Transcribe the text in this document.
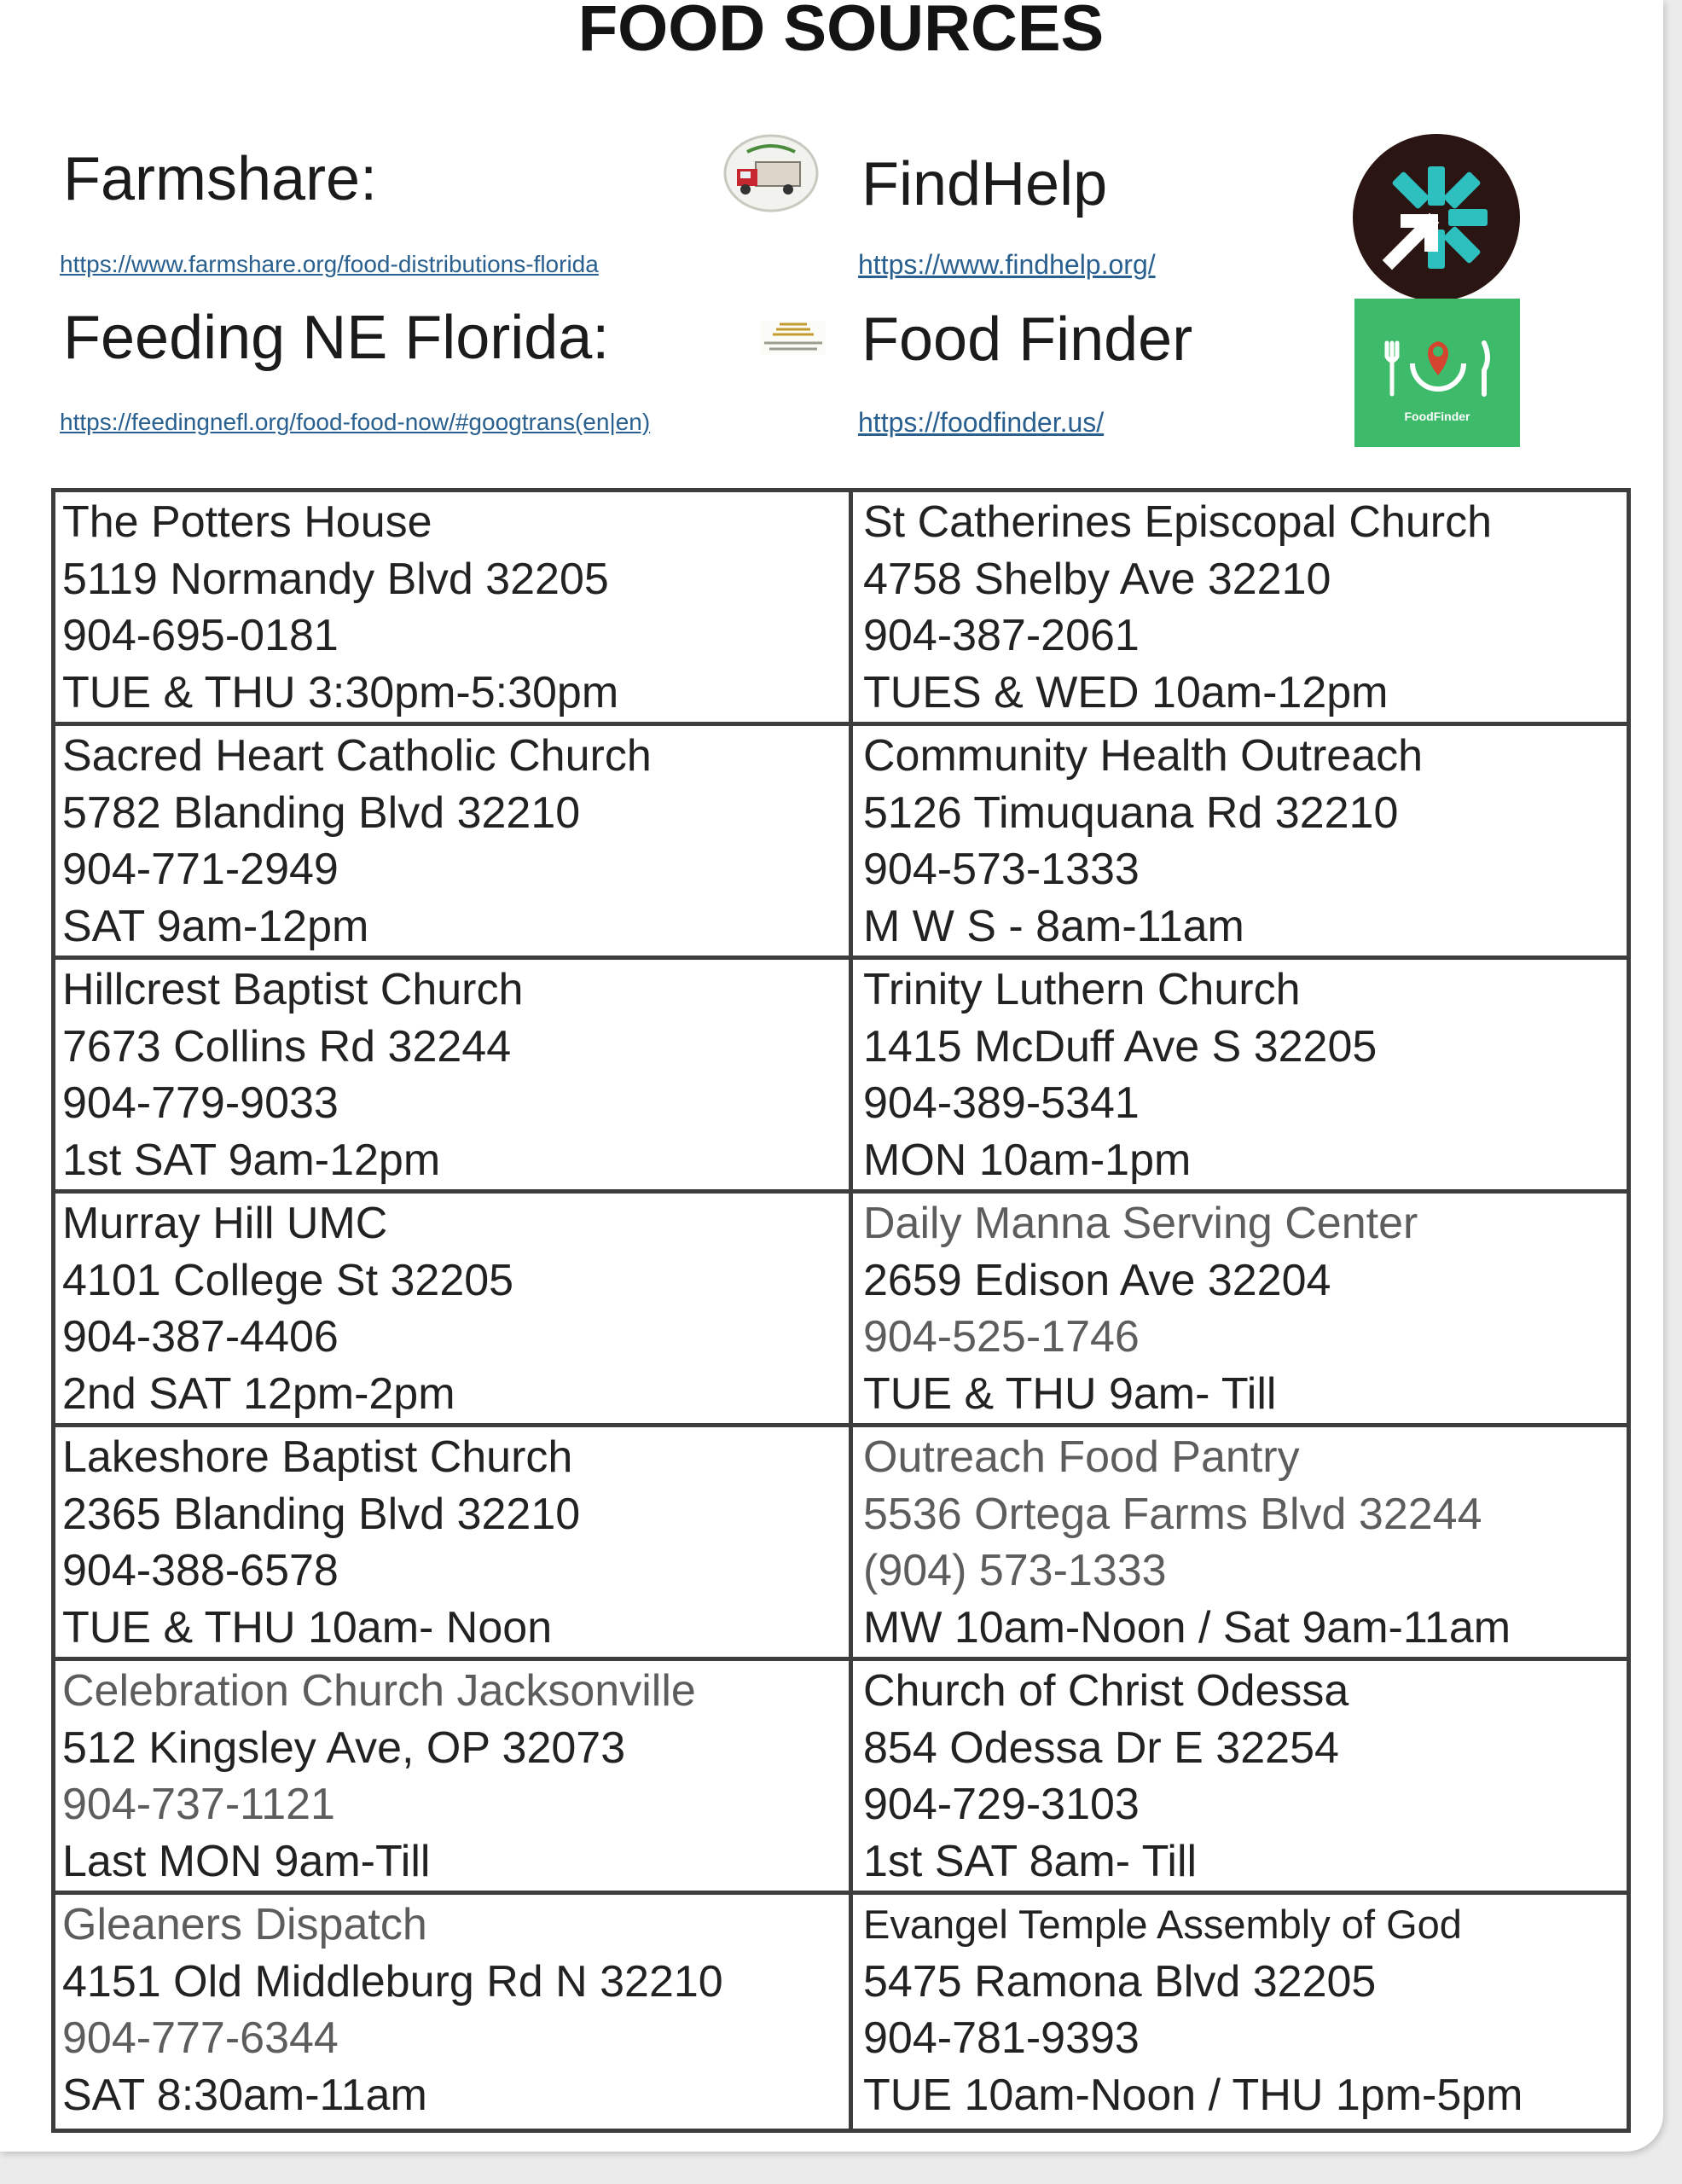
FOOD SOURCES
Farmshare:
https://www.farmshare.org/food-distributions-florida
FindHelp
https://www.findhelp.org/
Feeding NE Florida:
https://feedingnefl.org/food-food-now/#googtrans(en|en)
Food Finder
FoodFinder
https://foodfinder.us/
The Potters House
5119 Normandy Blvd 32205
904-695-0181
TUE & THU 3:30pm-5:30pm
St Catherines Episcopal Church
4758 Shelby Ave 32210
904-387-2061
TUES & WED 10am-12pm
Sacred Heart Catholic Church
5782 Blanding Blvd 32210
904-771-2949
SAT 9am-12pm
Community Health Outreach
5126 Timuquana Rd 32210
904-573-1333
M W S - 8am-11am
Hillcrest Baptist Church
7673 Collins Rd 32244
904-779-9033
1st SAT 9am-12pm
Trinity Luthern Church
1415 McDuff Ave S 32205
904-389-5341
MON 10am-1pm
Murray Hill UMC
4101 College St 32205
904-387-4406
2nd SAT 12pm-2pm
Daily Manna Serving Center
2659 Edison Ave 32204
904-525-1746
TUE & THU 9am- Till
Lakeshore Baptist Church
2365 Blanding Blvd 32210
904-388-6578
TUE & THU 10am- Noon
Outreach Food Pantry
5536 Ortega Farms Blvd 32244
(904) 573-1333
MW 10am-Noon / Sat 9am-11am
Celebration Church Jacksonville
512 Kingsley Ave, OP 32073
904-737-1121
Last MON 9am-Till
Church of Christ Odessa
854 Odessa Dr E 32254
904-729-3103
1st SAT 8am- Till
Gleaners Dispatch
4151 Old Middleburg Rd N 32210
904-777-6344
SAT 8:30am-11am
Evangel Temple Assembly of God
5475 Ramona Blvd 32205
904-781-9393
TUE 10am-Noon / THU 1pm-5pm
